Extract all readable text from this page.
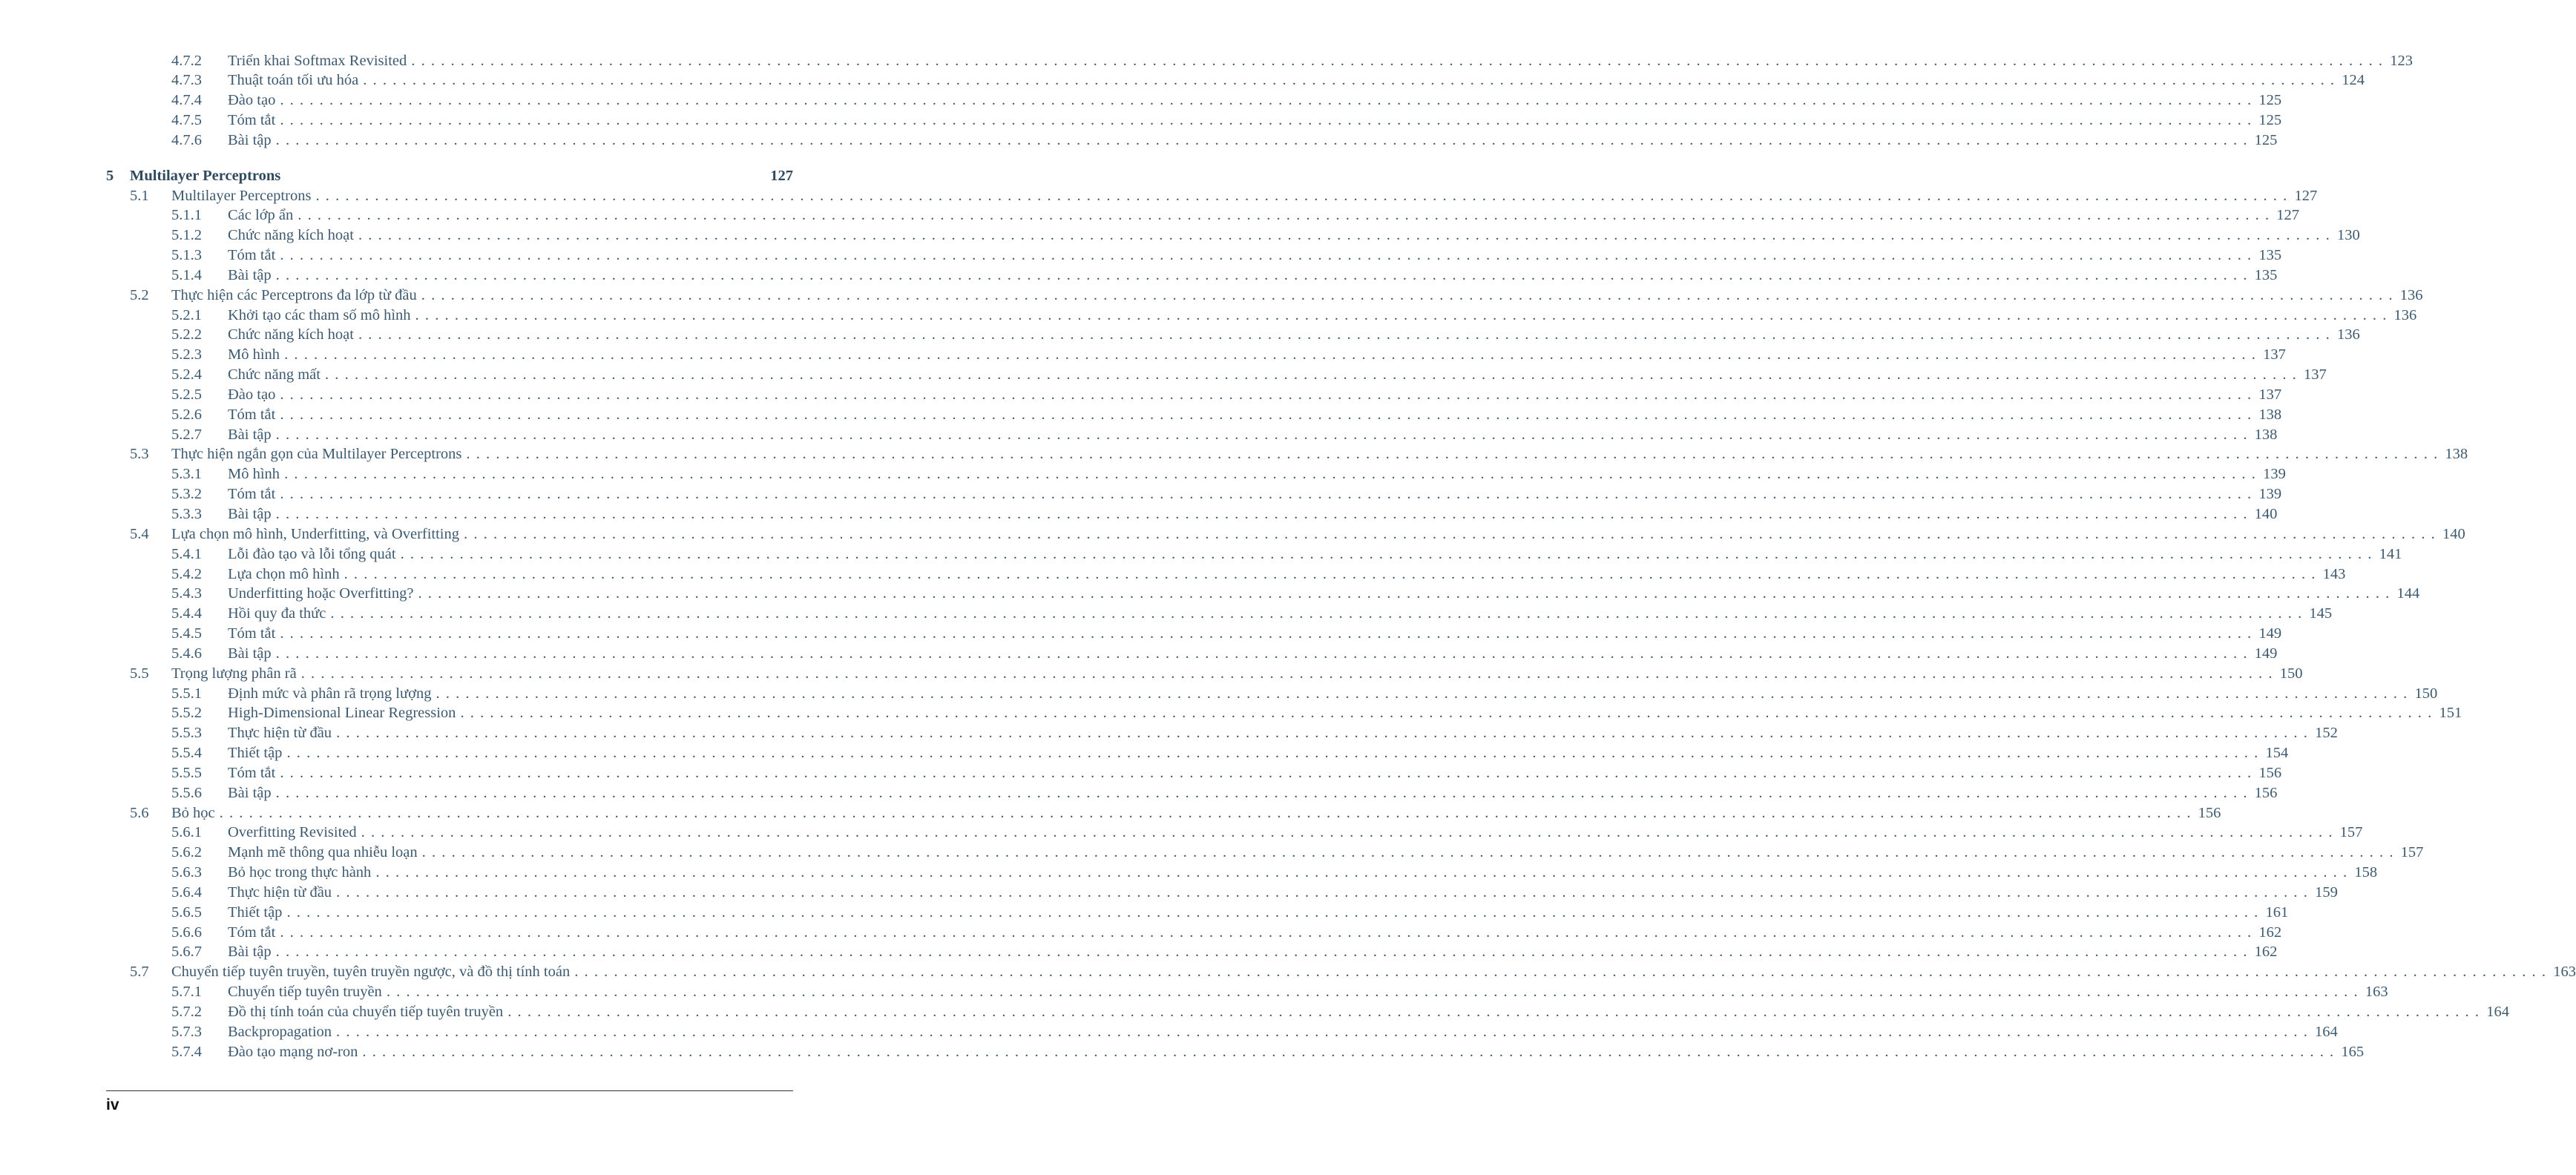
4.7.2 Triển khai Softmax Revisited ........................................................................................................................................................................................................ 123
4.7.3 Thuật toán tối ưu hóa ........................................................................................................................................................................................................ 124
4.7.4 Đào tạo ........................................................................................................................................................................................................ 125
4.7.5 Tóm tắt ........................................................................................................................................................................................................ 125
4.7.6 Bài tập ........................................................................................................................................................................................................ 125
5 Multilayer Perceptrons	127
5.1 Multilayer Perceptrons ........................................................................................................................................................................................................ 127
5.1.1 Các lớp ẩn ........................................................................................................................................................................................................ 127
5.1.2 Chức năng kích hoạt ........................................................................................................................................................................................................ 130
5.1.3 Tóm tắt ........................................................................................................................................................................................................ 135
5.1.4 Bài tập ........................................................................................................................................................................................................ 135
5.2 Thực hiện các Perceptrons đa lớp từ đầu ........................................................................................................................................................................................................ 136
5.2.1 Khởi tạo các tham số mô hình ........................................................................................................................................................................................................ 136
5.2.2 Chức năng kích hoạt ........................................................................................................................................................................................................ 136
5.2.3 Mô hình ........................................................................................................................................................................................................ 137
5.2.4 Chức năng mất ........................................................................................................................................................................................................ 137
5.2.5 Đào tạo ........................................................................................................................................................................................................ 137
5.2.6 Tóm tắt ........................................................................................................................................................................................................ 138
5.2.7 Bài tập ........................................................................................................................................................................................................ 138
5.3 Thực hiện ngắn gọn của Multilayer Perceptrons ........................................................................................................................................................................................................ 138
5.3.1 Mô hình ........................................................................................................................................................................................................ 139
5.3.2 Tóm tắt ........................................................................................................................................................................................................ 139
5.3.3 Bài tập ........................................................................................................................................................................................................ 140
5.4 Lựa chọn mô hình, Underfitting, và Overfitting ........................................................................................................................................................................................................ 140
5.4.1 Lỗi đào tạo và lỗi tổng quát ........................................................................................................................................................................................................ 141
5.4.2 Lựa chọn mô hình ........................................................................................................................................................................................................ 143
5.4.3 Underfitting hoặc Overfitting? ........................................................................................................................................................................................................ 144
5.4.4 Hồi quy đa thức ........................................................................................................................................................................................................ 145
5.4.5 Tóm tắt ........................................................................................................................................................................................................ 149
5.4.6 Bài tập ........................................................................................................................................................................................................ 149
5.5 Trọng lượng phân rã ........................................................................................................................................................................................................ 150
5.5.1 Định mức và phân rã trọng lượng ........................................................................................................................................................................................................ 150
5.5.2 High-Dimensional Linear Regression ........................................................................................................................................................................................................ 151
5.5.3 Thực hiện từ đầu ........................................................................................................................................................................................................ 152
5.5.4 Thiết tập ........................................................................................................................................................................................................ 154
5.5.5 Tóm tắt ........................................................................................................................................................................................................ 156
5.5.6 Bài tập ........................................................................................................................................................................................................ 156
5.6 Bỏ học ........................................................................................................................................................................................................ 156
5.6.1 Overfitting Revisited ........................................................................................................................................................................................................ 157
5.6.2 Mạnh mẽ thông qua nhiễu loạn ........................................................................................................................................................................................................ 157
5.6.3 Bỏ học trong thực hành ........................................................................................................................................................................................................ 158
5.6.4 Thực hiện từ đầu ........................................................................................................................................................................................................ 159
5.6.5 Thiết tập ........................................................................................................................................................................................................ 161
5.6.6 Tóm tắt ........................................................................................................................................................................................................ 162
5.6.7 Bài tập ........................................................................................................................................................................................................ 162
5.7 Chuyển tiếp tuyên truyền, tuyên truyền ngược, và đồ thị tính toán ........................................................................................................................................................................................................ 163
5.7.1 Chuyển tiếp tuyên truyền ........................................................................................................................................................................................................ 163
5.7.2 Đồ thị tính toán của chuyển tiếp tuyên truyền ........................................................................................................................................................................................................ 164
5.7.3 Backpropagation ........................................................................................................................................................................................................ 164
5.7.4 Đào tạo mạng nơ-ron ........................................................................................................................................................................................................ 165
iv
